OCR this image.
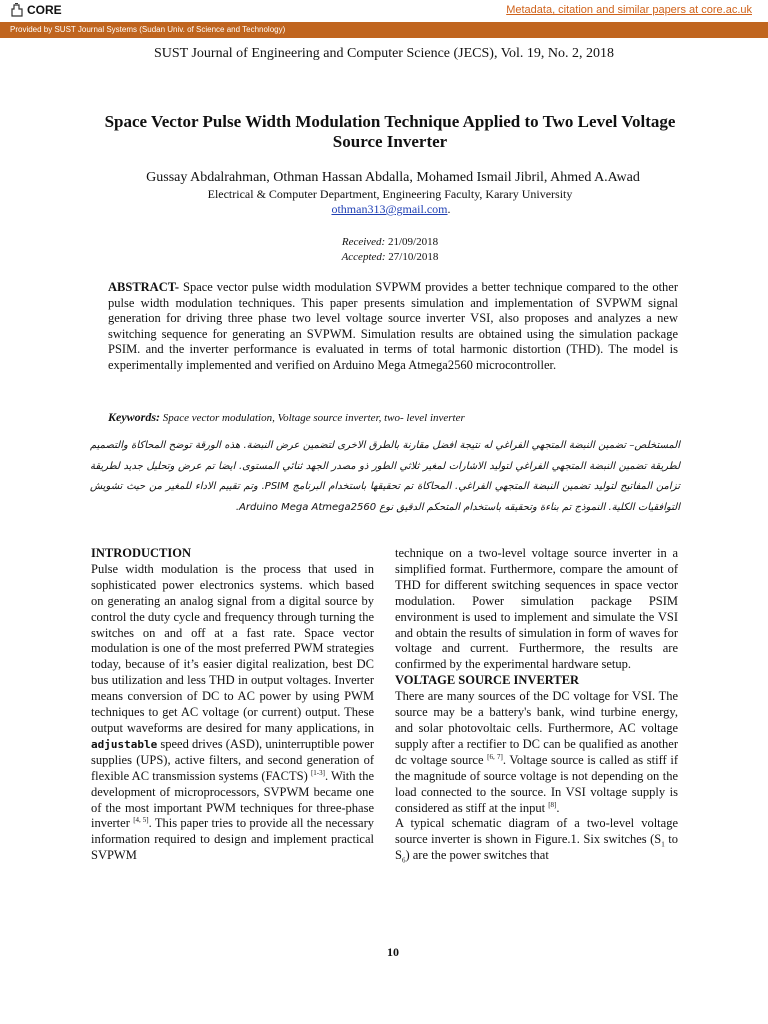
CORE	Metadata, citation and similar papers at core.ac.uk
Provided by SUST Journal Systems (Sudan Univ. of Science and Technology)
SUST Journal of Engineering and Computer Science (JECS), Vol. 19, No. 2, 2018
Space Vector Pulse Width Modulation Technique Applied to Two Level Voltage Source Inverter
Gussay Abdalrahman, Othman Hassan Abdalla, Mohamed Ismail Jibril, Ahmed A.Awad
Electrical & Computer Department, Engineering Faculty, Karary University
othman313@gmail.com.
Received: 21/09/2018
Accepted: 27/10/2018
ABSTRACT- Space vector pulse width modulation SVPWM provides a better technique compared to the other pulse width modulation techniques. This paper presents simulation and implementation of SVPWM signal generation for driving three phase two level voltage source inverter VSI, also proposes and analyzes a new switching sequence for generating an SVPWM. Simulation results are obtained using the simulation package PSIM. and the inverter performance is evaluated in terms of total harmonic distortion (THD). The model is experimentally implemented and verified on Arduino Mega Atmega2560 microcontroller.
Keywords: Space vector modulation, Voltage source inverter, two- level inverter
المستخلص– تضمين النبضة المتجهي الفراغي له نتيجة افضل مقارنة بالطرق الاخرى لتضمين عرض النبضة. هذه الورقة توضح المحاكاة والتصميم لطريقة تضمين النبضة المتجهي الفراغي لتوليد الاشارات لمغير ثلاثي الطور ذو مصدر الجهد ثنائي المستوى. ايضا تم عرض وتحليل جديد لطريقة تزامن المفاتيح لتوليد تضمين النبضة المتجهي الفراغي. المحاكاة تم تحقيقها باستخدام البرنامج PSIM. وتم تقييم الاداء للمغير من حيث تشويش التوافقيات الكلية. النموذج تم بناءة وتحقيقه باستخدام المتحكم الدقيق نوع Arduino Mega Atmega2560.

INTRODUCTION

Pulse width modulation is the process that used in sophisticated power electronics systems. which based on generating an analog signal from a digital source by control the duty cycle and frequency through turning the switches on and off at a fast rate. Space vector modulation is one of the most preferred PWM strategies today, because of it’s easier digital realization, best DC bus utilization and less THD in output voltages. Inverter means conversion of DC to AC power by using PWM techniques to get AC voltage (or current) output. These output waveforms are desired for many applications, in adjustable speed drives (ASD), uninterruptible power supplies (UPS), active filters, and second generation of flexible AC transmission systems (FACTS) [1-3]. With the development of microprocessors, SVPWM became one of the most important PWM techniques for three-phase inverter [4, 5]. This paper tries to provide all the necessary information required to design and implement practical SVPWM

technique on a two-level voltage source inverter in a simplified format. Furthermore, compare the amount of THD for different switching sequences in space vector modulation. Power simulation package PSIM environment is used to implement and simulate the VSI and obtain the results of simulation in form of waves for voltage and current. Furthermore, the results are confirmed by the experimental hardware setup.

VOLTAGE SOURCE INVERTER

There are many sources of the DC voltage for VSI. The source may be a battery's bank, wind turbine energy, and solar photovoltaic cells. Furthermore, AC voltage supply after a rectifier to DC can be qualified as another dc voltage source [6, 7]. Voltage source is called as stiff if the magnitude of source voltage is not depending on the load connected to the source. In VSI voltage supply is considered as stiff at the input [8].

A typical schematic diagram of a two-level voltage source inverter is shown in Figure.1. Six switches ($S_1$ to $S_6$) are the power switches that

10
